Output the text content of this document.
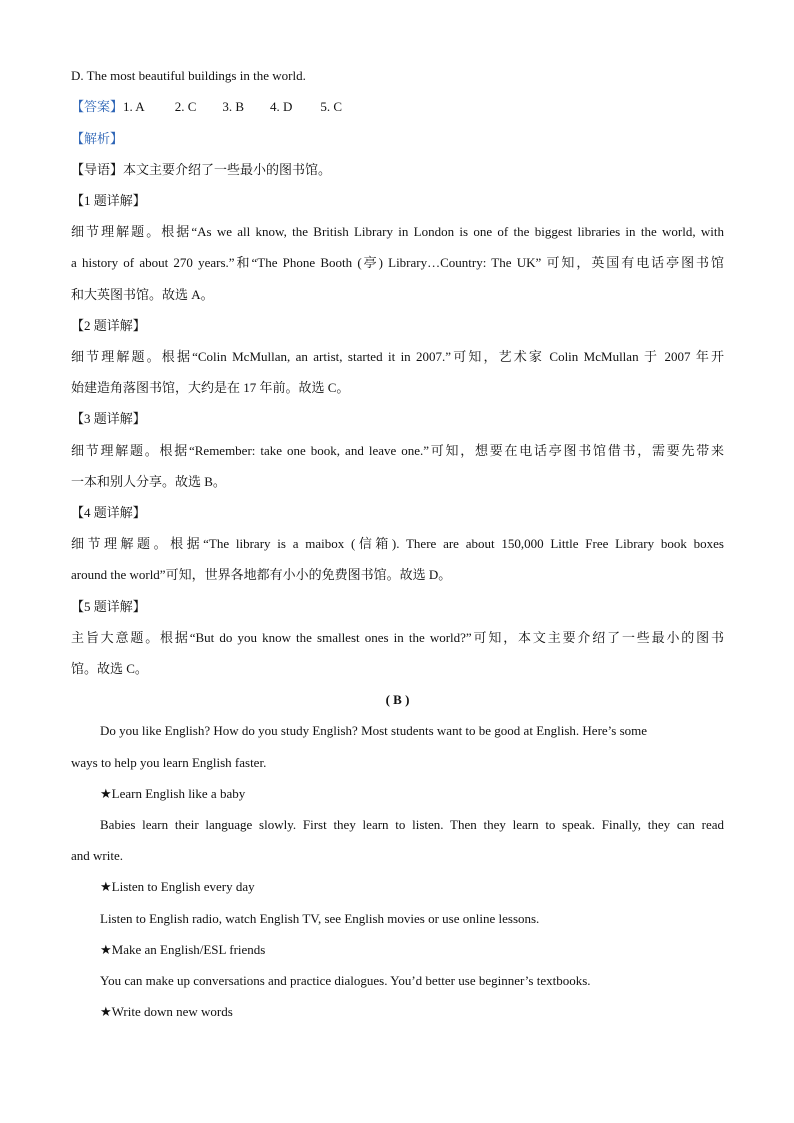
D. The most beautiful buildings in the world.
【答案】1. A 2. C 3. B 4. D 5. C
【解析】
【导语】本文主要介绍了一些最小的图书馆。
【1 题详解】
细节理解题。根据“As we all know, the British Library in London is one of the biggest libraries in the world, with
a history of about 270 years.”和“The Phone Booth (亭) Library…Country: The UK” 可知，英国有电话亭图书馆
和大英图书馆。故选 A。
【2 题详解】
细节理解题。根据“Colin McMullan, an artist, started it in 2007.”可知，艺术家 Colin McMullan 于 2007 年开
始建造角落图书馆，大约是在 17 年前。故选 C。
【3 题详解】
细节理解题。根据“Remember: take one book, and leave one.”可知，想要在电话亭图书馆借书，需要先带来
一本和别人分享。故选 B。
【4 题详解】
细节理解题。根据“The library is a maibox (信箱). There are about 150,000 Little Free Library book boxes
around the world”可知，世界各地都有小小的免费图书馆。故选 D。
【5 题详解】
主旨大意题。根据“But do you know the smallest ones in the world?”可知，本文主要介绍了一些最小的图书
馆。故选 C。
( B )
Do you like English? How do you study English? Most students want to be good at English. Here’s some
ways to help you learn English faster.
★Learn English like a baby
Babies learn their language slowly. First they learn to listen. Then they learn to speak. Finally, they can read
and write.
★Listen to English every day
Listen to English radio, watch English TV, see English movies or use online lessons.
★Make an English/ESL friends
You can make up conversations and practice dialogues. You’d better use beginner’s textbooks.
★Write down new words
